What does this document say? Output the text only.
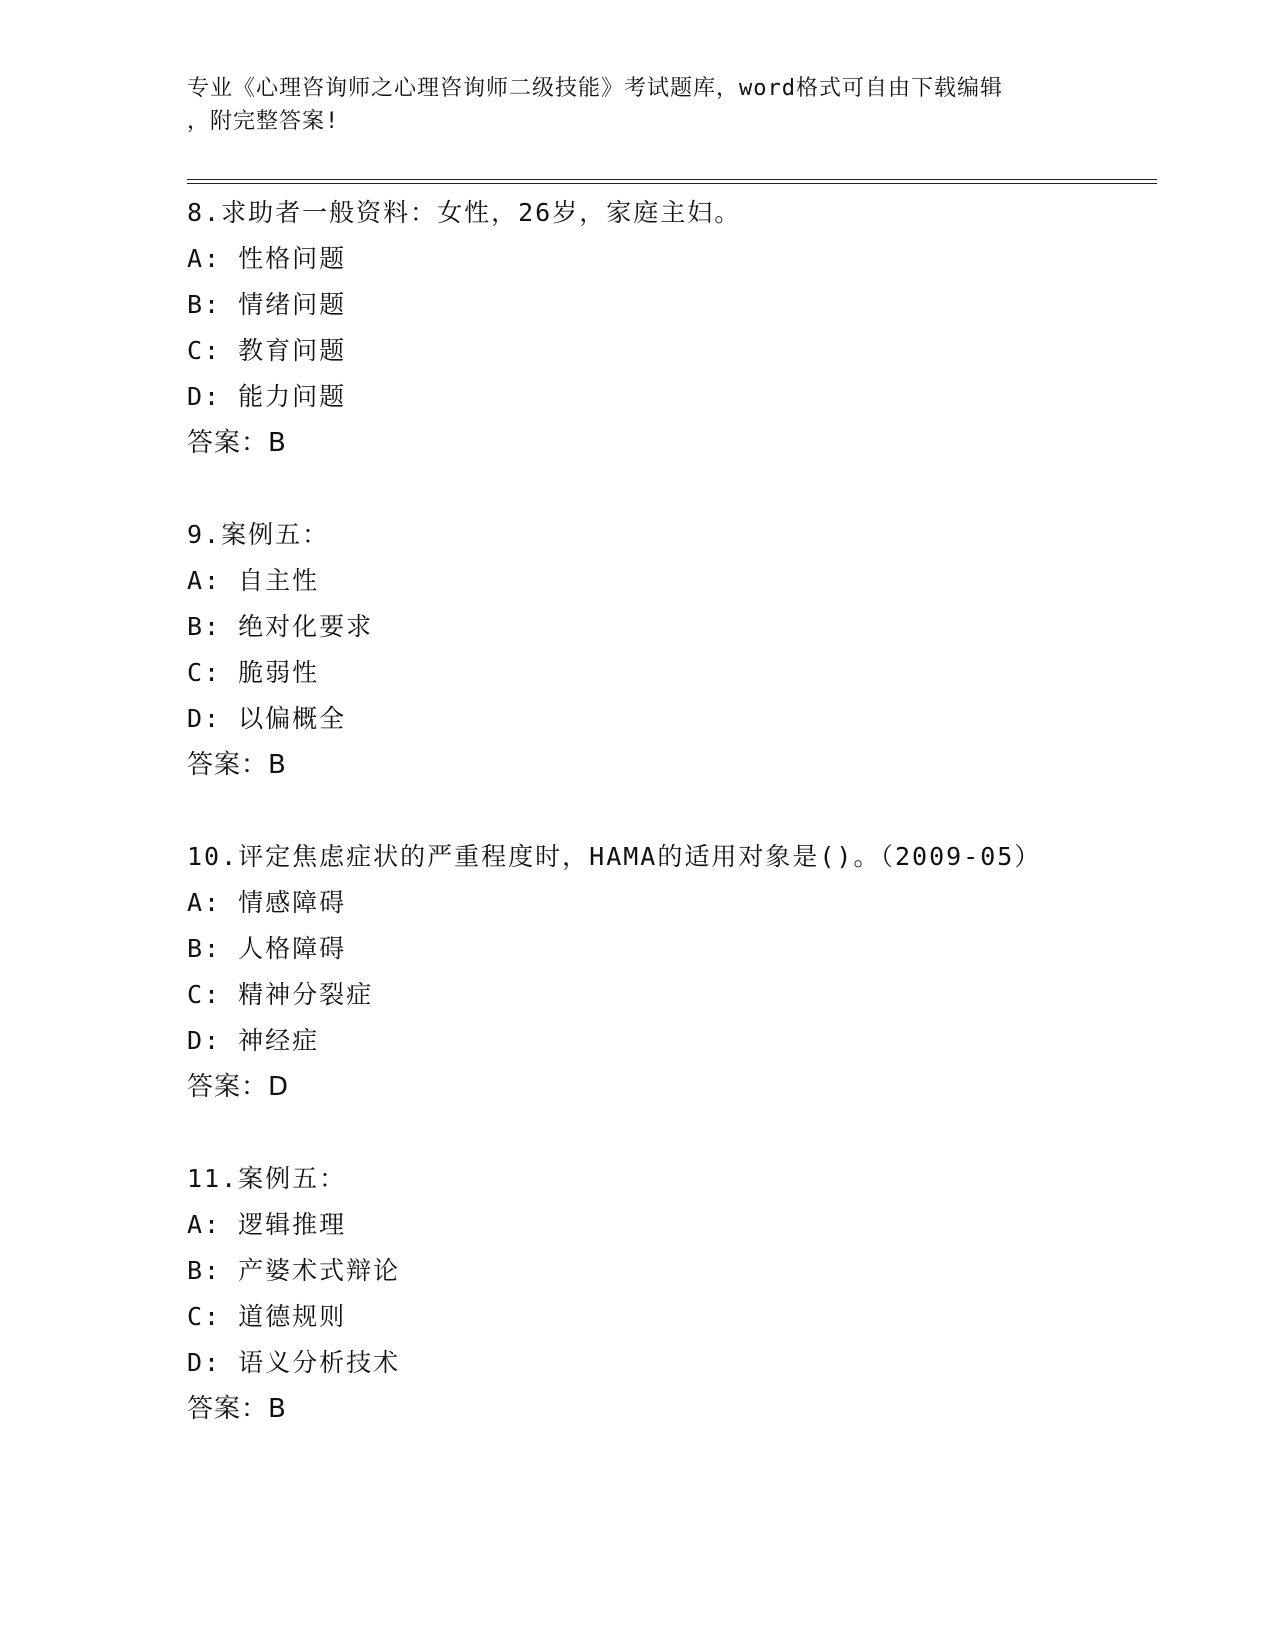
专业《心理咨询师之心理咨询师二级技能》考试题库，word格式可自由下载编辑
，附完整答案!
8.求助者一般资料：女性，26岁，家庭主妇。
A: 性格问题
B: 情绪问题
C: 教育问题
D: 能力问题
答案：B
9.案例五：
A: 自主性
B: 绝对化要求
C: 脆弱性
D: 以偏概全
答案：B
10.评定焦虑症状的严重程度时，HAMA的适用对象是()。（2009-05）
A: 情感障碍
B: 人格障碍
C: 精神分裂症
D: 神经症
答案：D
11.案例五：
A: 逻辑推理
B: 产婆术式辩论
C: 道德规则
D: 语义分析技术
答案：B
